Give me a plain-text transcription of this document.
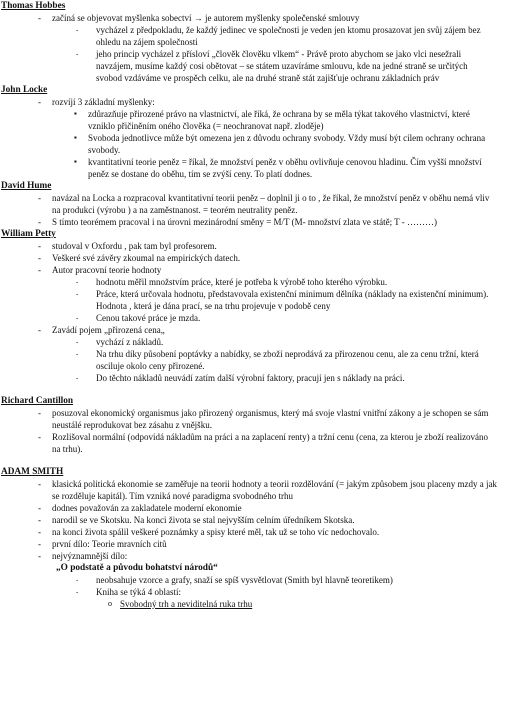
Thomas Hobbes

- začíná se objevovat myšlenka sobectví → je autorem myšlenky společenské smlouvy
- vycházel z předpokladu, že každý jedinec ve společnosti je veden jen ktomu prosazovat jen svůj zájem bez ohledu na zájem společnosti
- jeho princip vycházel z přísloví „člověk člověku vlkem“ - Právě proto abychom se jako vlci nesežrali navzájem, musíme každý cosi obětovat – se státem uzavíráme smlouvu, kde na jedné straně se určitých svobod vzdáváme ve prospěch celku, ale na druhé straně stát zajišťuje ochranu základních práv

John Locke

- rozvíjí 3 základní myšlenky:
▪ zdůrazňuje přirozené právo na vlastnictví, ale říká, že ochrana by se měla týkat takového vlastnictví, které vzniklo přičiněním oného člověka (= neochranovat např. zloděje)
▪ Svoboda jednotlivce může být omezena jen z důvodu ochrany svobody. Vždy musí být cílem ochrany ochrana svobody.
▪ kvantitativní teorie peněz = říkal, že množství peněz v oběhu ovlivňuje cenovou hladinu. Čím vyšší množství peněz se dostane do oběhu, tím se zvýší ceny. To platí dodnes.

David Hume

- navázal na Locka a rozpracoval kvantitativní teorii peněz – doplnil ji o to , že říkal, že množství peněz v oběhu nemá vliv na produkci (výrobu ) a na zaměstnanost. = teorém neutrality peněz.
- S tímto teorémem pracoval i na úrovni mezinárodní směny = M/T (M- množství zlata ve státě; T - ………)

William Petty

- studoval v Oxfordu , pak tam byl profesorem.
- Veškeré své závěry zkoumal na empirických datech.
- Autor pracovní teorie hodnoty
- hodnotu měřil množstvím práce, které je potřeba k výrobě toho kterého výrobku.
- Práce, která určovala hodnotu, představovala existenční minimum dělníka (náklady na existenční minimum). Hodnota , která je dána prací, se na trhu projevuje v podobě ceny
- Cenou takové práce je mzda.
- Zavádí pojem „přirozená cena„
- vychází z nákladů.
- Na trhu díky působení poptávky a nabídky, se zboží neprodává za přirozenou cenu, ale za cenu tržní, která osciluje okolo ceny přirozené.
- Do těchto nákladů neuvádí zatím další výrobní faktory, pracují jen s náklady na práci.

Richard Cantillon

- posuzoval ekonomický organismus jako přirozený organismus, který má svoje vlastní vnitřní zákony a je schopen se sám neustálé reprodukovat bez zásahu z vnějšku.
- Rozlišoval normální (odpovídá nákladům na práci a na zaplacení renty) a tržní cenu (cena, za kterou je zboží realizováno na trhu).

ADAM SMITH

- klasická politická ekonomie se zaměřuje na teorii hodnoty a teorii rozdělování (= jakým způsobem jsou placeny mzdy a jak se rozděluje kapitál). Tím vzniká nové paradigma svobodného trhu
- dodnes považován za zakladatele moderní ekonomie
- narodil se ve Skotsku. Na konci života se stal nejvyšším celním úředníkem Skotska.
- na konci života spálil veškeré poznámky a spisy které měl, tak už se toho víc nedochovalo.
- první dílo: Teorie mravních citů
- nejvýznamnější dílo:
„O podstatě a původu bohatství národů“
- neobsahuje vzorce a grafy, snaží se spíš vysvětlovat (Smith byl hlavně teoretikem)
- Kniha se týká 4 oblastí:
o Svobodný trh a neviditelná ruka trhu
